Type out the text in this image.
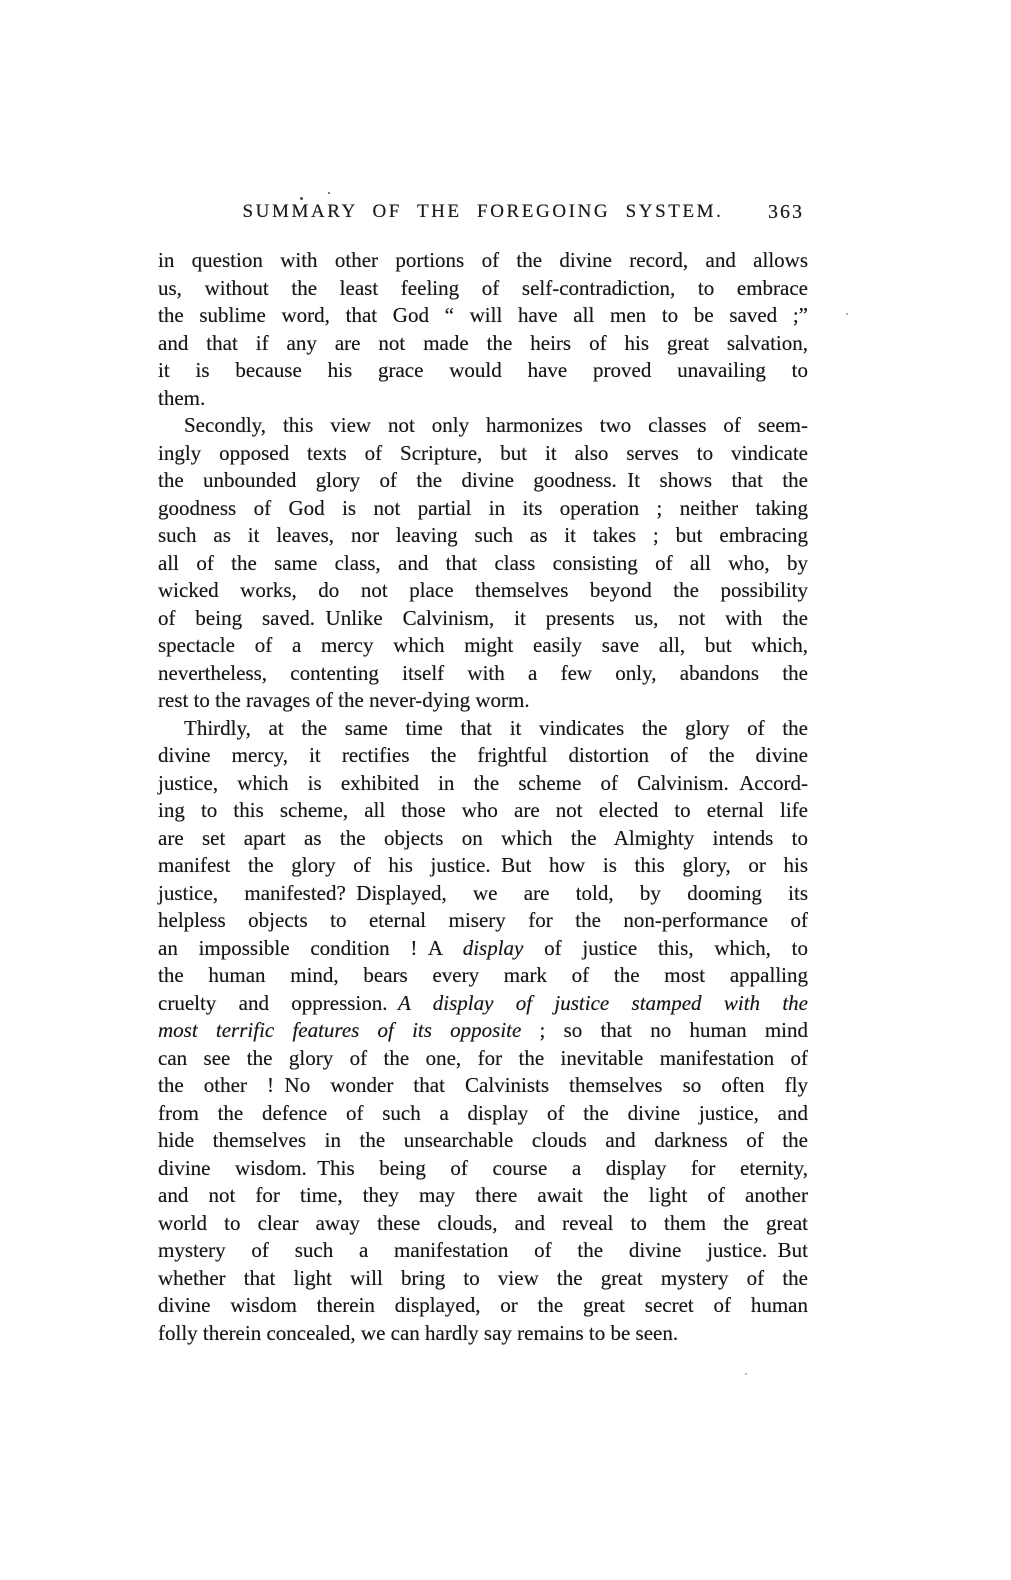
SUMMARY OF THE FOREGOING SYSTEM.	363
in question with other portions of the divine record, and allows
us, without the least feeling of self-contradiction, to embrace
the sublime word, that God “ will have all men to be saved ;”
and that if any are not made the heirs of his great salvation,
it is because his grace would have proved unavailing to
them.
Secondly, this view not only harmonizes two classes of seem-
ingly opposed texts of Scripture, but it also serves to vindicate
the unbounded glory of the divine goodness. It shows that the
goodness of God is not partial in its operation ; neither taking
such as it leaves, nor leaving such as it takes ; but embracing
all of the same class, and that class consisting of all who, by
wicked works, do not place themselves beyond the possibility
of being saved. Unlike Calvinism, it presents us, not with the
spectacle of a mercy which might easily save all, but which,
nevertheless, contenting itself with a few only, abandons the
rest to the ravages of the never-dying worm.
Thirdly, at the same time that it vindicates the glory of the
divine mercy, it rectifies the frightful distortion of the divine
justice, which is exhibited in the scheme of Calvinism. Accord-
ing to this scheme, all those who are not elected to eternal life
are set apart as the objects on which the Almighty intends to
manifest the glory of his justice. But how is this glory, or his
justice, manifested? Displayed, we are told, by dooming its
helpless objects to eternal misery for the non-performance of
an impossible condition ! A display of justice this, which, to
the human mind, bears every mark of the most appalling
cruelty and oppression. A display of justice stamped with the
most terrific features of its opposite ; so that no human mind
can see the glory of the one, for the inevitable manifestation of
the other ! No wonder that Calvinists themselves so often fly
from the defence of such a display of the divine justice, and
hide themselves in the unsearchable clouds and darkness of the
divine wisdom. This being of course a display for eternity,
and not for time, they may there await the light of another
world to clear away these clouds, and reveal to them the great
mystery of such a manifestation of the divine justice. But
whether that light will bring to view the great mystery of the
divine wisdom therein displayed, or the great secret of human
folly therein concealed, we can hardly say remains to be seen.
